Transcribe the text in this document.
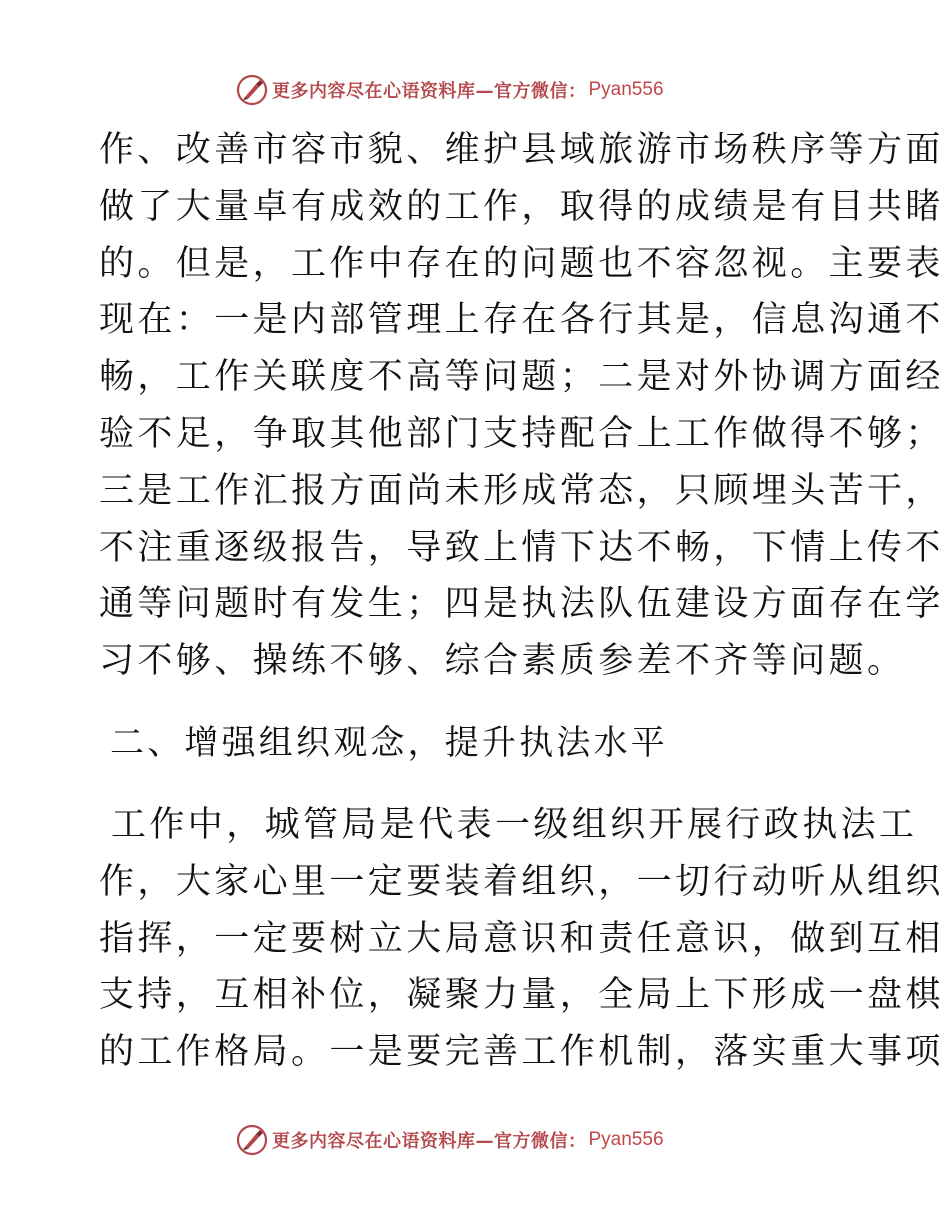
更多内容尽在心语资料库—官方微信： Pyan556
作、改善市容市貌、维护县域旅游市场秩序等方面
做了大量卓有成效的工作，取得的成绩是有目共睹
的。但是，工作中存在的问题也不容忽视。主要表
现在：一是内部管理上存在各行其是，信息沟通不
畅，工作关联度不高等问题；二是对外协调方面经
验不足，争取其他部门支持配合上工作做得不够；
三是工作汇报方面尚未形成常态，只顾埋头苦干，
不注重逐级报告，导致上情下达不畅，下情上传不
通等问题时有发生；四是执法队伍建设方面存在学
习不够、操练不够、综合素质参差不齐等问题。
二、增强组织观念，提升执法水平
工作中，城管局是代表一级组织开展行政执法工
作，大家心里一定要装着组织，一切行动听从组织
指挥，一定要树立大局意识和责任意识，做到互相
支持，互相补位，凝聚力量，全局上下形成一盘棋
的工作格局。一是要完善工作机制，落实重大事项
更多内容尽在心语资料库—官方微信： Pyan556
